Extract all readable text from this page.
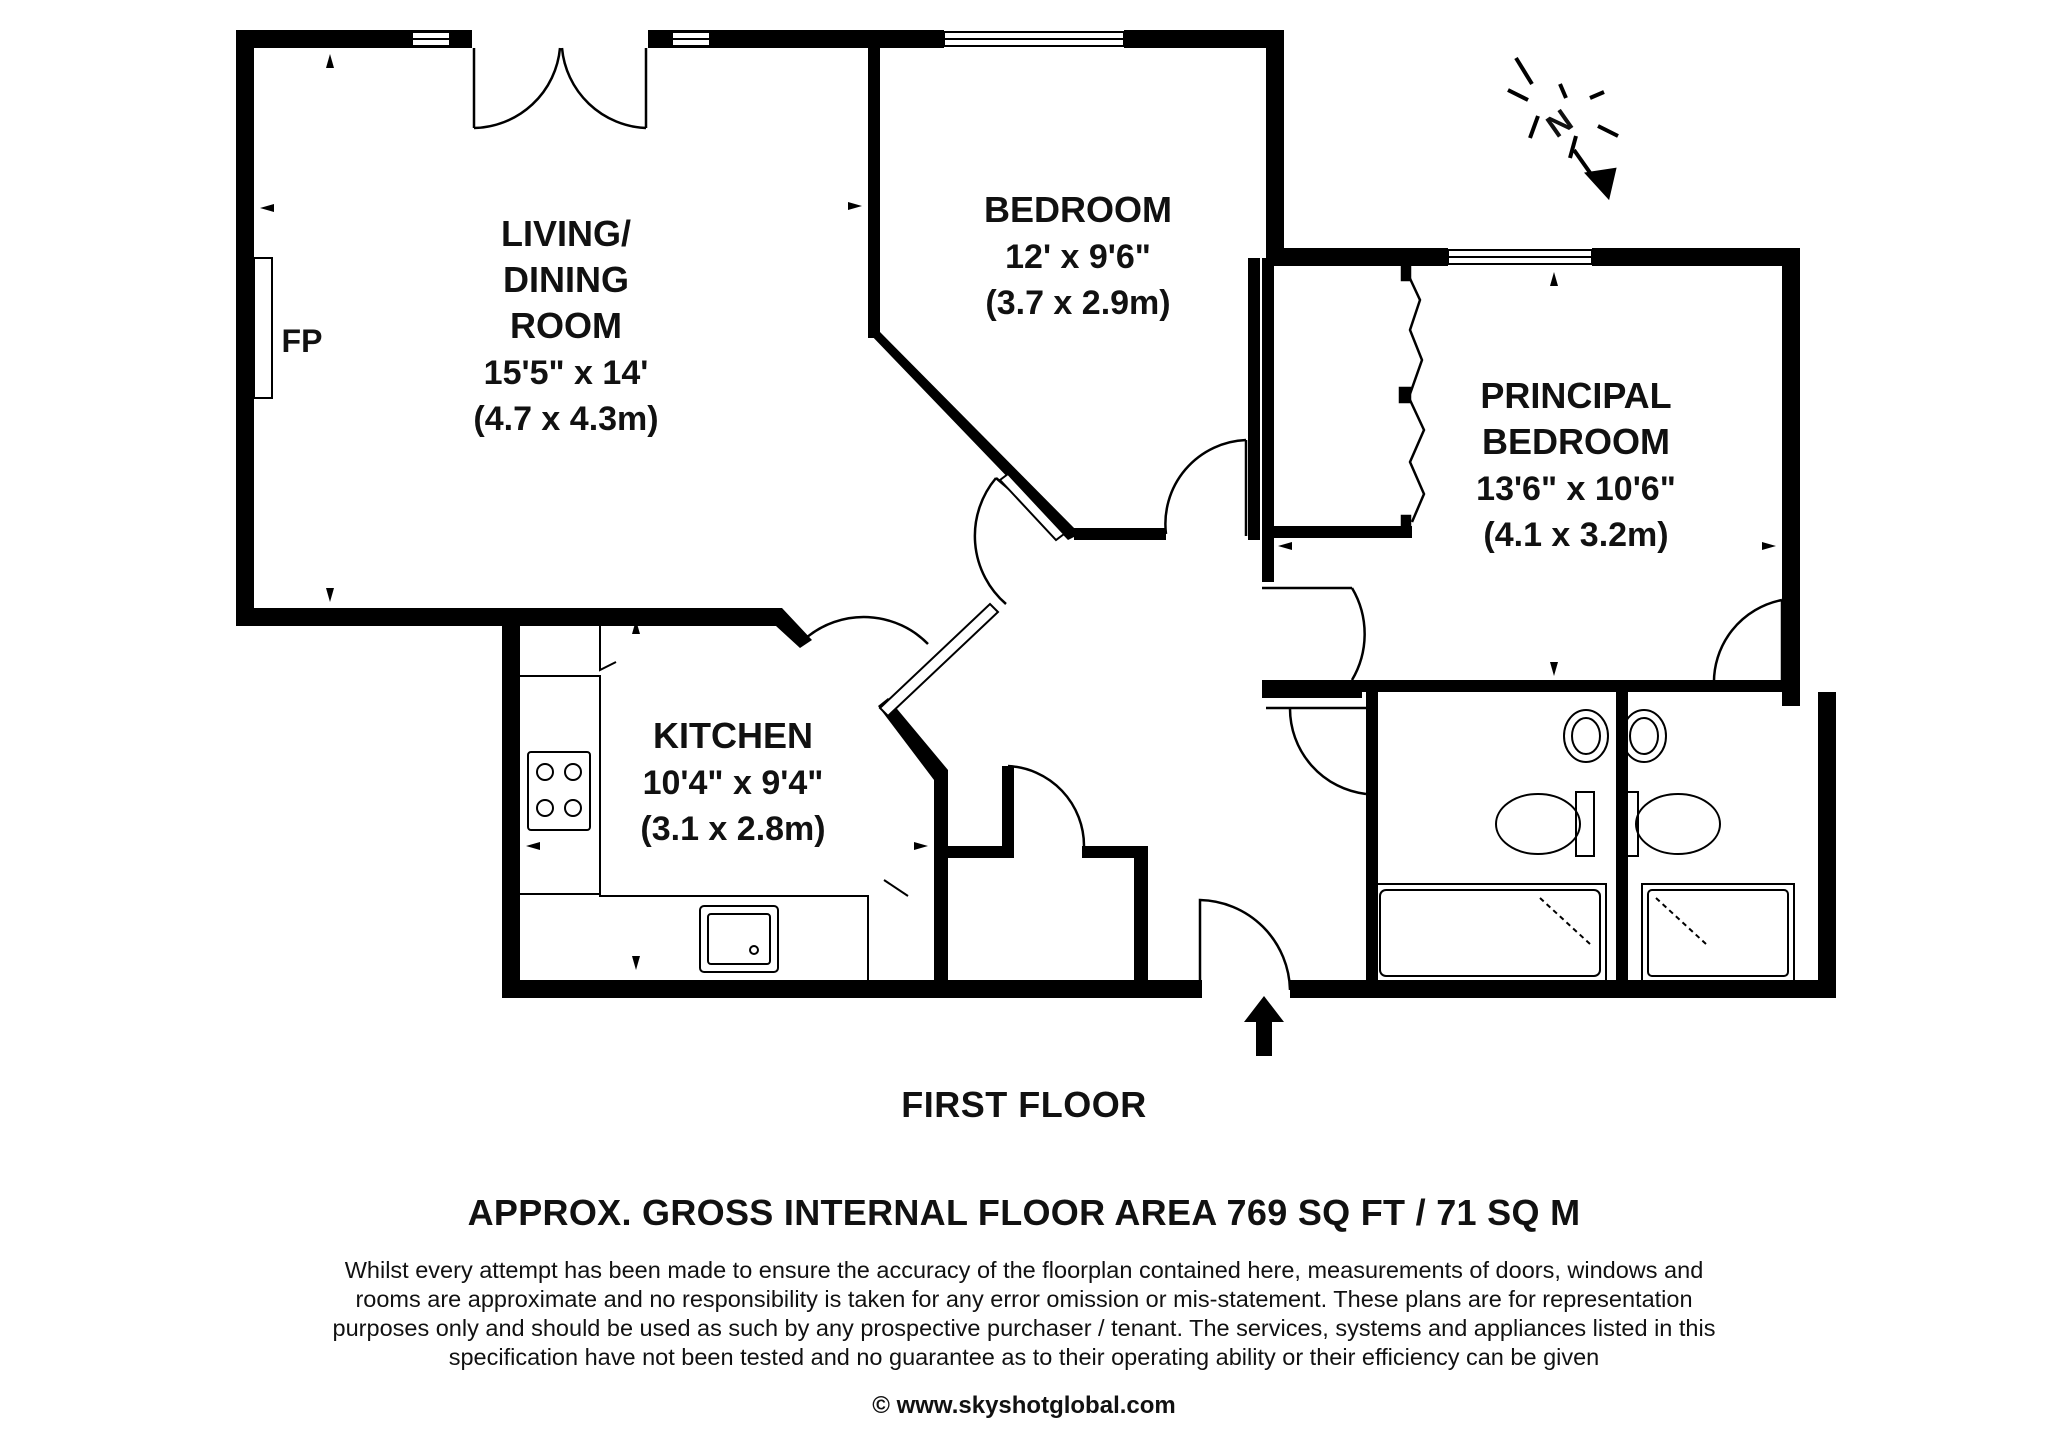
N
LIVING/
DINING
ROOM
15'5" x 14'
(4.7 x 4.3m)
FP
BEDROOM
12' x 9'6"
(3.7 x 2.9m)
PRINCIPAL
BEDROOM
13'6" x 10'6"
(4.1 x 3.2m)
KITCHEN
10'4" x 9'4"
(3.1 x 2.8m)
FIRST FLOOR
APPROX. GROSS INTERNAL FLOOR AREA 769 SQ FT / 71 SQ M
Whilst every attempt has been made to ensure the accuracy of the floorplan contained here, measurements of doors, windows and
rooms are approximate and no responsibility is taken for any error omission or mis-statement. These plans are for representation
purposes only and should be used as such by any prospective purchaser / tenant. The services, systems and appliances listed in this
specification have not been tested and no guarantee as to their operating ability or their efficiency can be given
© www.skyshotglobal.com
